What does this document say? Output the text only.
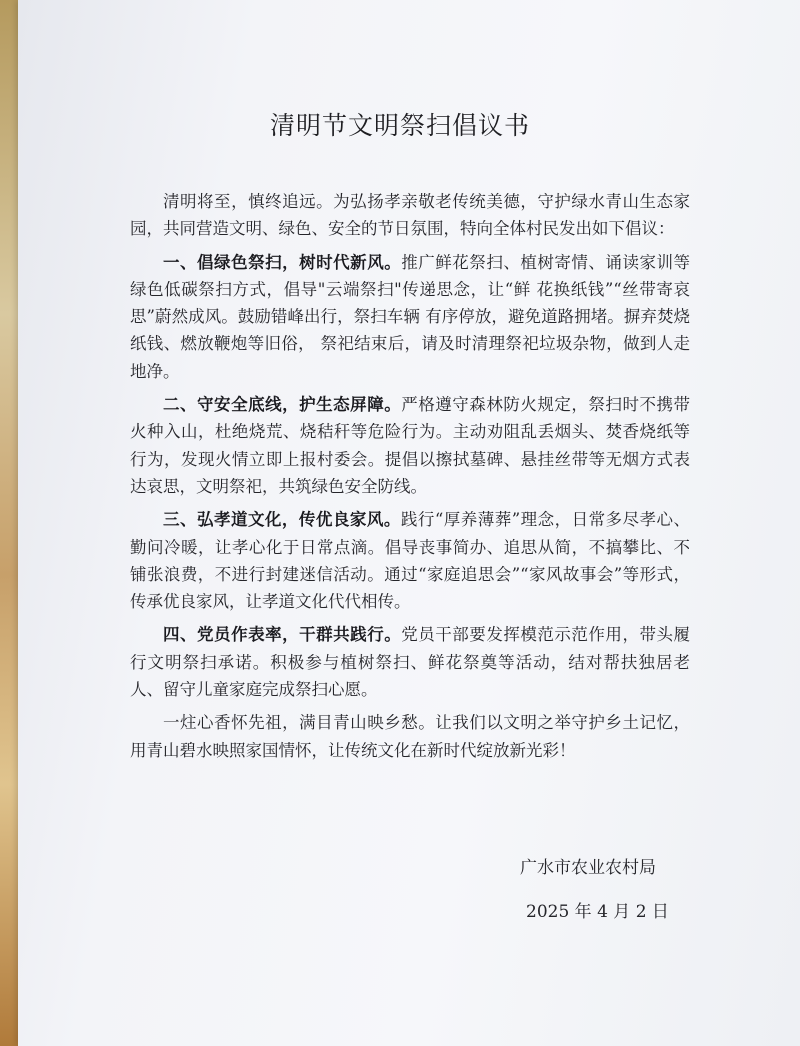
清明节文明祭扫倡议书

清明将至，慎终追远。为弘扬孝亲敬老传统美德，守护绿水青山生态家园，共同营造文明、绿色、安全的节日氛围，特向全体村民发出如下倡议：

一、倡绿色祭扫，树时代新风。推广鲜花祭扫、植树寄情、诵读家训等绿色低碳祭扫方式，倡导"云端祭扫"传递思念，让“鲜 花换纸钱”“丝带寄哀思”蔚然成风。鼓励错峰出行，祭扫车辆 有序停放，避免道路拥堵。摒弃焚烧纸钱、燃放鞭炮等旧俗， 祭祀结束后，请及时清理祭祀垃圾杂物，做到人走地净。

二、守安全底线，护生态屏障。严格遵守森林防火规定，祭扫时不携带火种入山，杜绝烧荒、烧秸秆等危险行为。主动劝阻乱丢烟头、焚香烧纸等行为，发现火情立即上报村委会。提倡以擦拭墓碑、悬挂丝带等无烟方式表达哀思，文明祭祀，共筑绿色安全防线。

三、弘孝道文化，传优良家风。践行“厚养薄葬”理念，日常多尽孝心、勤问冷暖，让孝心化于日常点滴。倡导丧事简办、追思从简，不搞攀比、不铺张浪费，不进行封建迷信活动。通过“家庭追思会”“家风故事会”等形式，传承优良家风，让孝道文化代代相传。

四、党员作表率，干群共践行。党员干部要发挥模范示范作用，带头履行文明祭扫承诺。积极参与植树祭扫、鲜花祭奠等活动，结对帮扶独居老人、留守儿童家庭完成祭扫心愿。

一炷心香怀先祖，满目青山映乡愁。让我们以文明之举守护乡土记忆，用青山碧水映照家国情怀，让传统文化在新时代绽放新光彩！

广水市农业农村局
2025 年 4 月 2 日
